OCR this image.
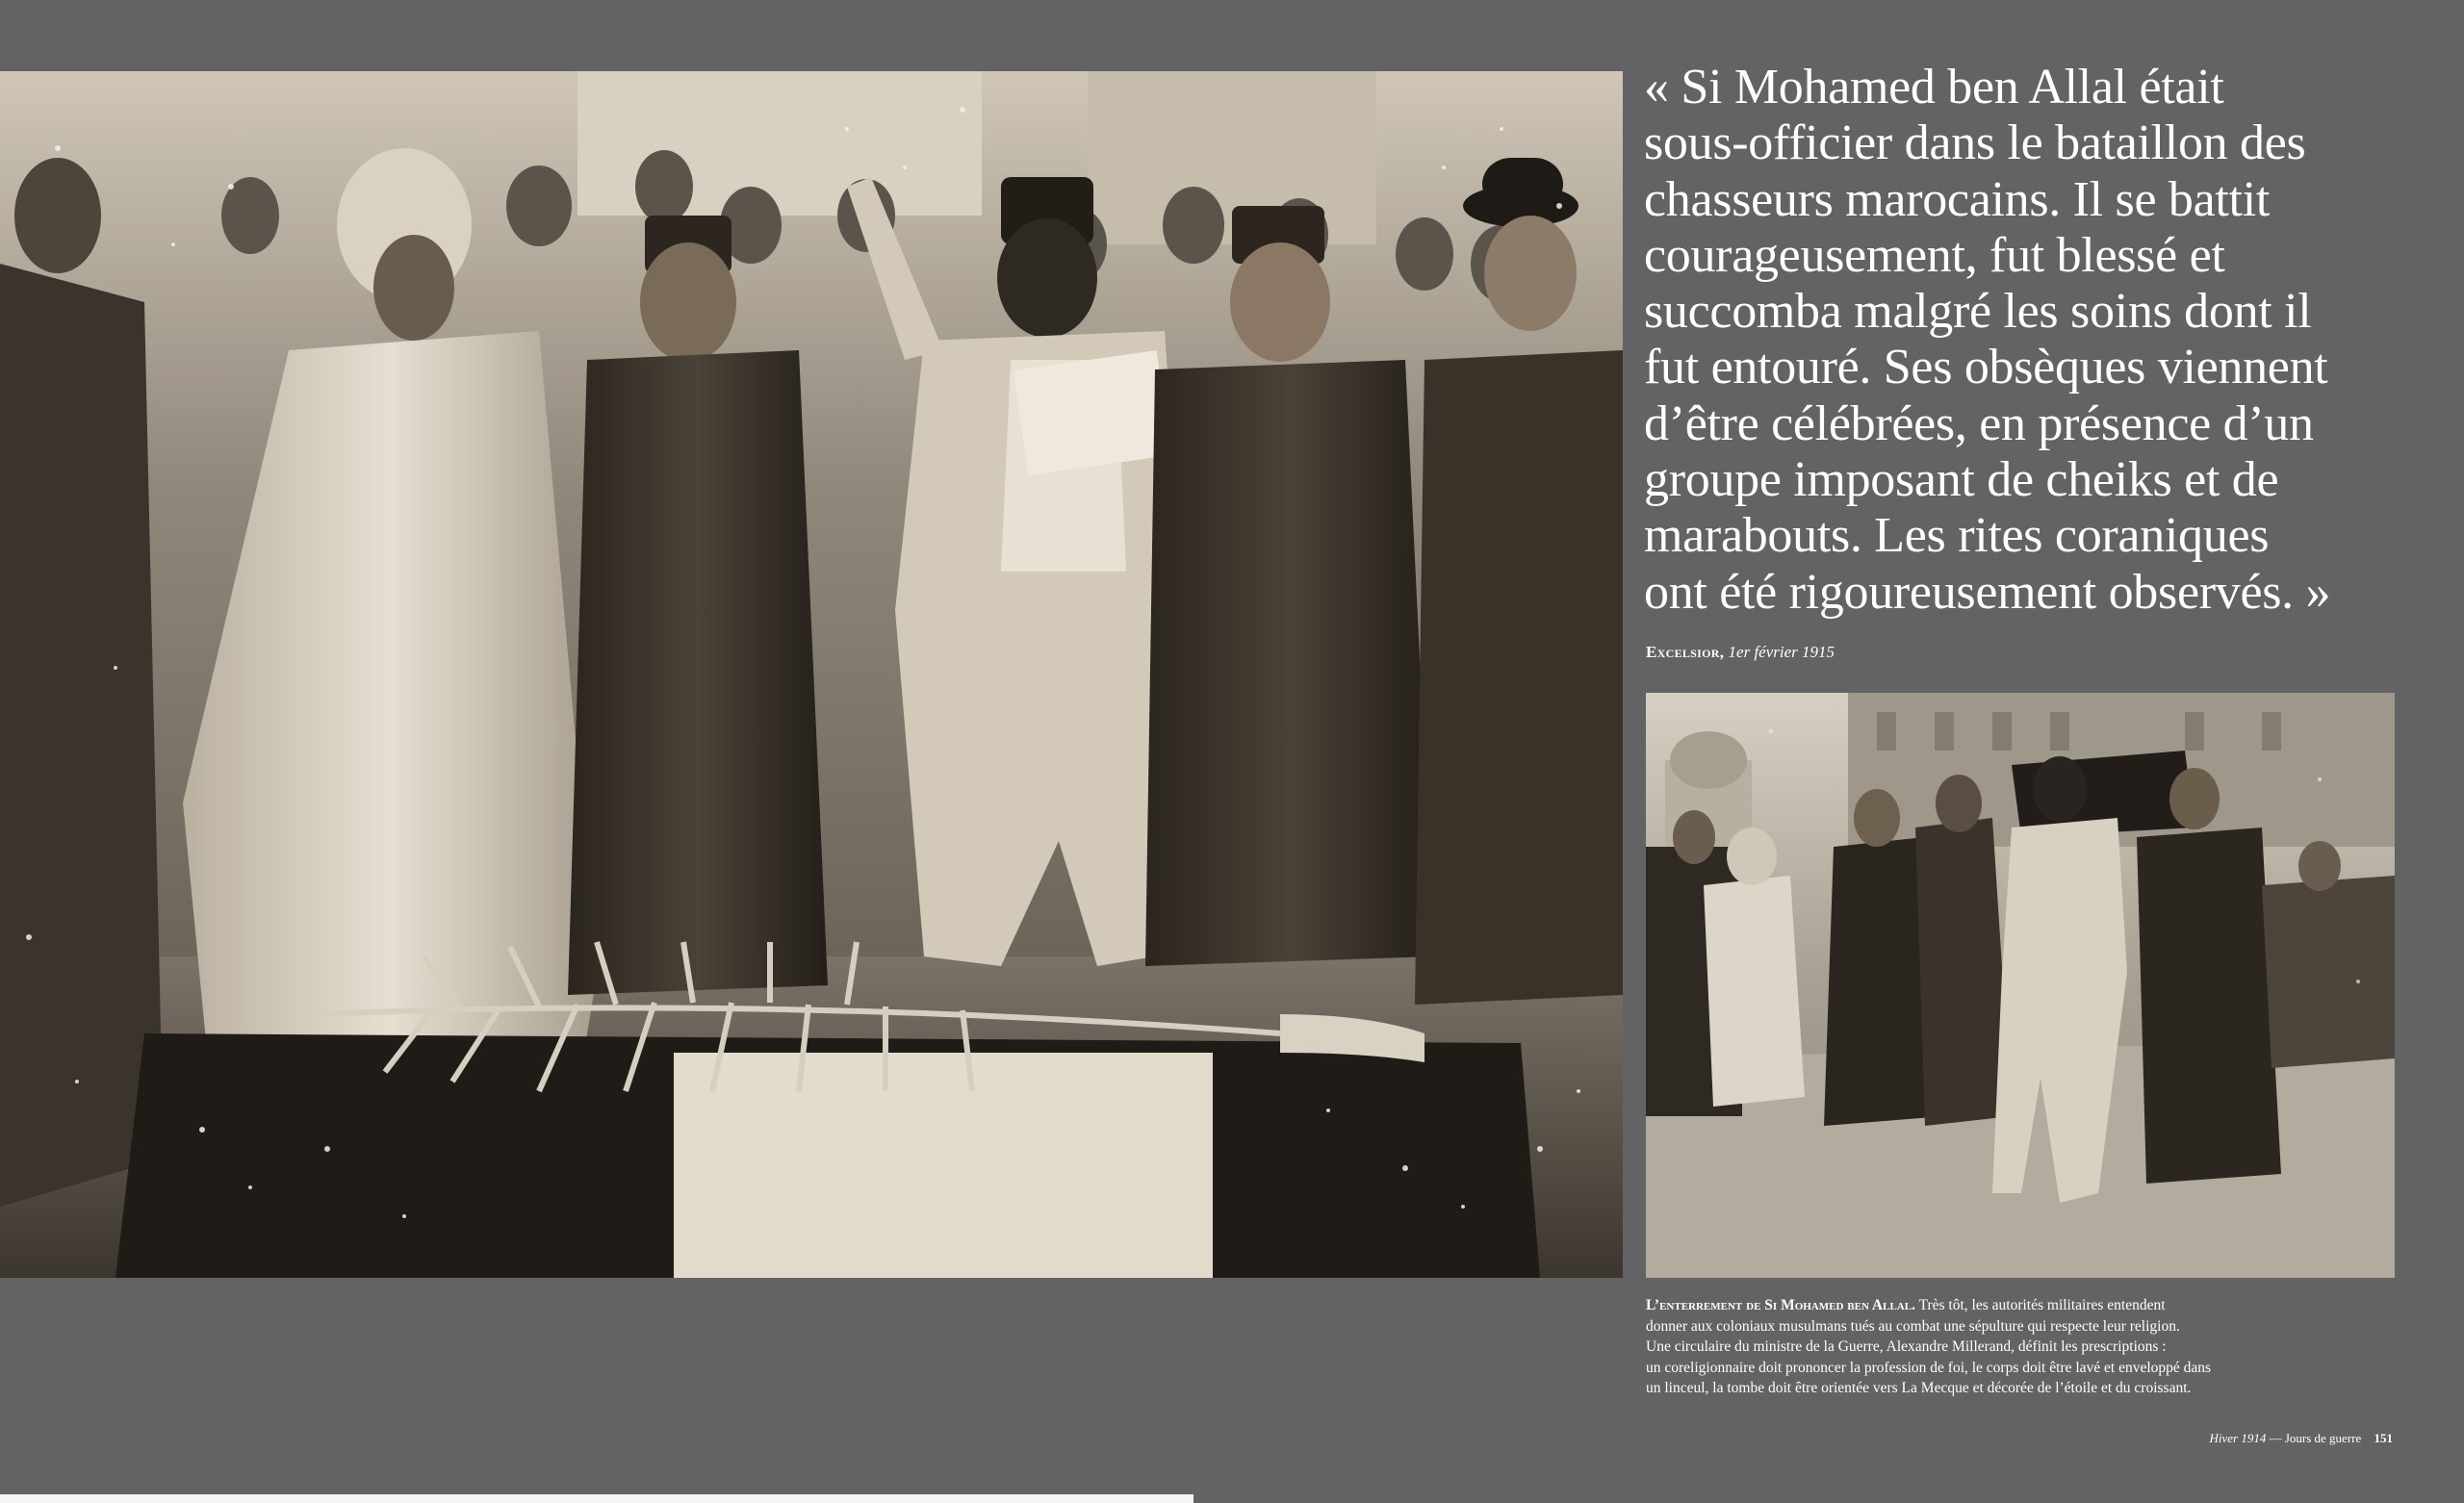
« Si Mohamed ben Allal était
sous-officier dans le bataillon des
chasseurs marocains. Il se battit
courageusement, fut blessé et
succomba malgré les soins dont il
fut entouré. Ses obsèques viennent
d’être célébrées, en présence d’un
groupe imposant de cheiks et de
marabouts. Les rites coraniques
ont été rigoureusement observés. »

Excelsior, 1er février 1915

L’enterrement de Si Mohamed ben Allal. Très tôt, les autorités militaires entendent
donner aux coloniaux musulmans tués au combat une sépulture qui respecte leur religion.
Une circulaire du ministre de la Guerre, Alexandre Millerand, définit les prescriptions :
un coreligionnaire doit prononcer la profession de foi, le corps doit être lavé et enveloppé dans
un linceul, la tombe doit être orientée vers La Mecque et décorée de l’étoile et du croissant.

Hiver 1914 — Jours de guerre 151
